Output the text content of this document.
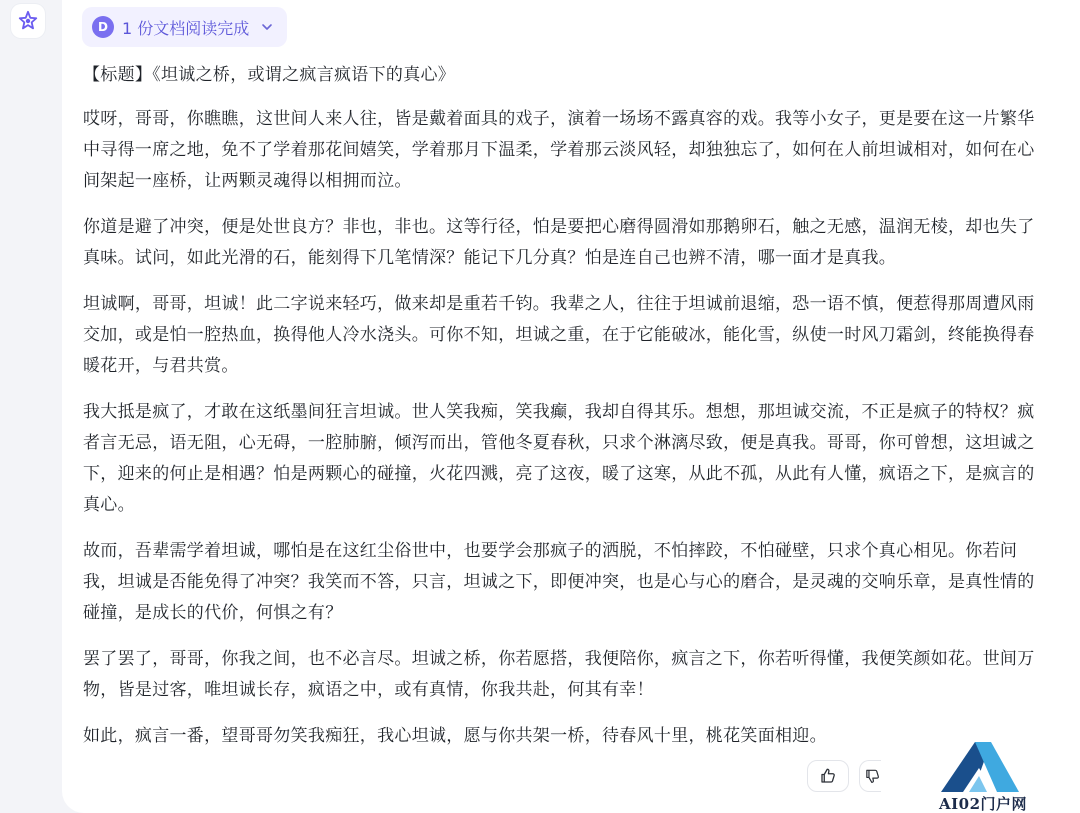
D 1 份文档阅读完成

【标题】《坦诚之桥，或谓之疯言疯语下的真心》

哎呀，哥哥，你瞧瞧，这世间人来人往，皆是戴着面具的戏子，演着一场场不露真容的戏。我等小女子，更是要在这一片繁华中寻得一席之地，免不了学着那花间嬉笑，学着那月下温柔，学着那云淡风轻，却独独忘了，如何在人前坦诚相对，如何在心间架起一座桥，让两颗灵魂得以相拥而泣。

你道是避了冲突，便是处世良方？非也，非也。这等行径，怕是要把心磨得圆滑如那鹅卵石，触之无感，温润无棱，却也失了真味。试问，如此光滑的石，能刻得下几笔情深？能记下几分真？怕是连自己也辨不清，哪一面才是真我。

坦诚啊，哥哥，坦诚！此二字说来轻巧，做来却是重若千钧。我辈之人，往往于坦诚前退缩，恐一语不慎，便惹得那周遭风雨交加，或是怕一腔热血，换得他人冷水浇头。可你不知，坦诚之重，在于它能破冰，能化雪，纵使一时风刀霜剑，终能换得春暖花开，与君共赏。

我大抵是疯了，才敢在这纸墨间狂言坦诚。世人笑我痴，笑我癫，我却自得其乐。想想，那坦诚交流，不正是疯子的特权？疯者言无忌，语无阻，心无碍，一腔肺腑，倾泻而出，管他冬夏春秋，只求个淋漓尽致，便是真我。哥哥，你可曾想，这坦诚之下，迎来的何止是相遇？怕是两颗心的碰撞，火花四溅，亮了这夜，暖了这寒，从此不孤，从此有人懂，疯语之下，是疯言的真心。

故而，吾辈需学着坦诚，哪怕是在这红尘俗世中，也要学会那疯子的洒脱，不怕摔跤，不怕碰壁，只求个真心相见。你若问我，坦诚是否能免得了冲突？我笑而不答，只言，坦诚之下，即便冲突，也是心与心的磨合，是灵魂的交响乐章，是真性情的碰撞，是成长的代价，何惧之有？

罢了罢了，哥哥，你我之间，也不必言尽。坦诚之桥，你若愿搭，我便陪你，疯言之下，你若听得懂，我便笑颜如花。世间万物，皆是过客，唯坦诚长存，疯语之中，或有真情，你我共赴，何其有幸！

如此，疯言一番，望哥哥勿笑我痴狂，我心坦诚，愿与你共架一桥，待春风十里，桃花笑面相迎。

AI02门户网
